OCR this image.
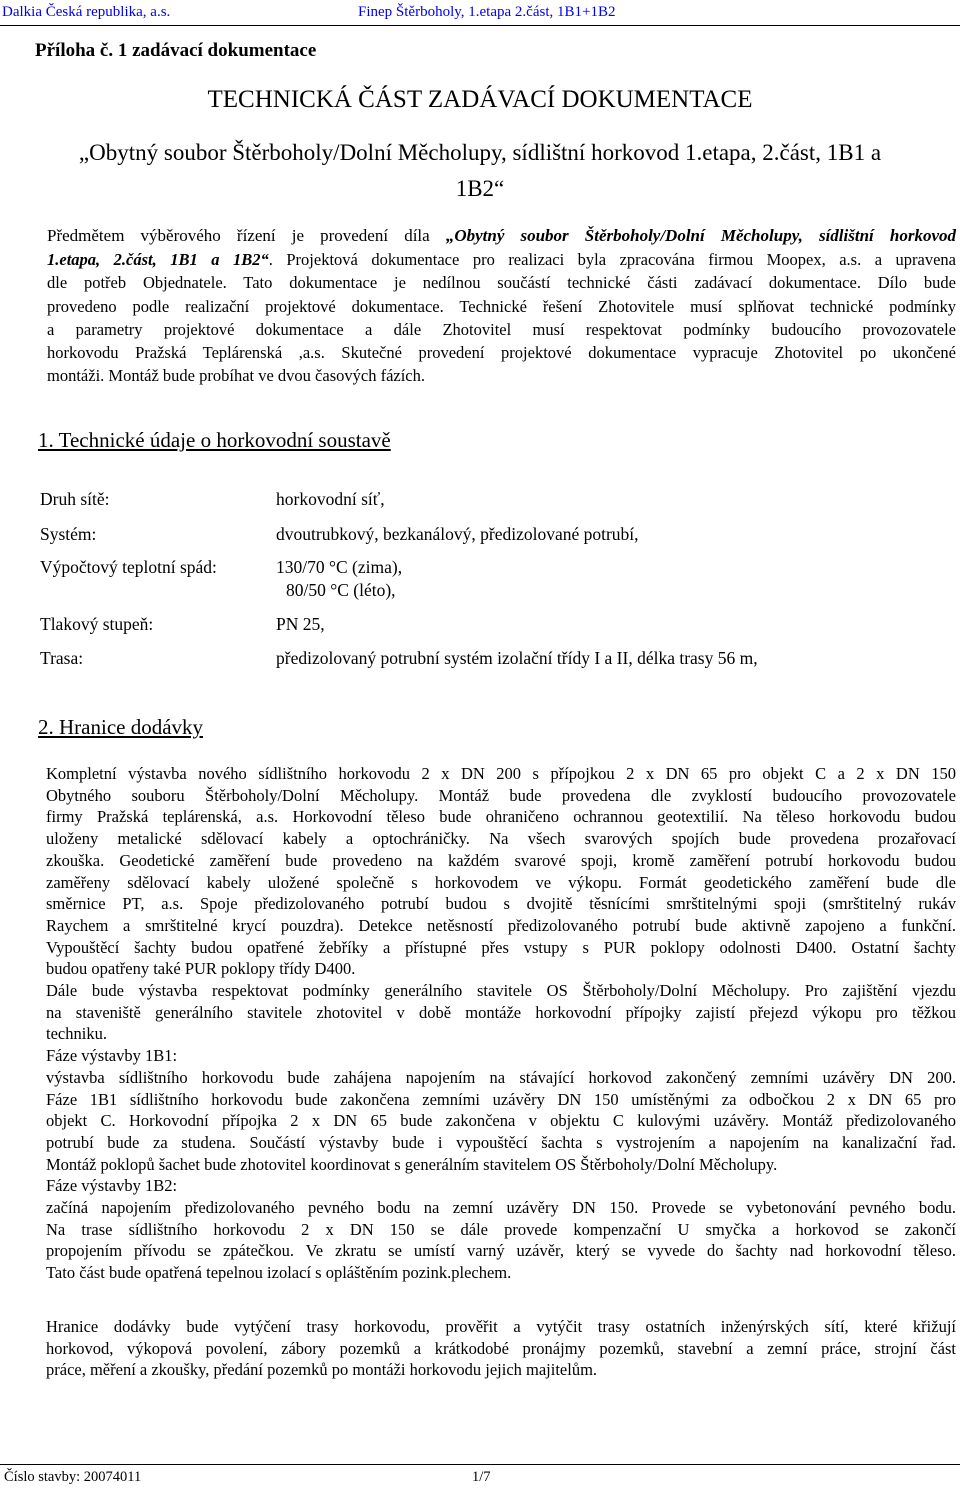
Dalkia Česká republika, a.s.	Finep Štěrboholy, 1.etapa 2.část, 1B1+1B2
Příloha č. 1 zadávací dokumentace
TECHNICKÁ ČÁST ZADÁVACÍ DOKUMENTACE
„Obytný soubor Štěrboholy/Dolní Měcholupy, sídlištní horkovod 1.etapa, 2.část, 1B1 a
1B2“
Předmětem výběrového řízení je provedení díla „Obytný soubor Štěrboholy/Dolní Měcholupy, sídlištní horkovod
1.etapa, 2.část, 1B1 a 1B2“. Projektová dokumentace pro realizaci byla zpracována firmou Moopex, a.s. a upravena
dle potřeb Objednatele. Tato dokumentace je nedílnou součástí technické části zadávací dokumentace. Dílo bude
provedeno podle realizační projektové dokumentace. Technické řešení Zhotovitele musí splňovat technické podmínky
a parametry projektové dokumentace a dále Zhotovitel musí respektovat podmínky budoucího provozovatele
horkovodu Pražská Teplárenská ,a.s. Skutečné provedení projektové dokumentace vypracuje Zhotovitel po ukončené
montáži. Montáž bude probíhat ve dvou časových fázích.
1. Technické údaje o horkovodní soustavě
Druh sítě:	horkovodní síť,
Systém:	dvoutrubkový, bezkanálový, předizolované potrubí,
Výpočtový teplotní spád:	130/70 °C (zima),
80/50 °C (léto),
Tlakový stupeň:	PN 25,
Trasa:	předizolovaný potrubní systém izolační třídy I a II, délka trasy 56 m,
2. Hranice dodávky
Kompletní výstavba nového sídlištního horkovodu 2 x DN 200 s přípojkou 2 x DN 65 pro objekt C a 2 x DN 150
Obytného souboru Štěrboholy/Dolní Měcholupy. Montáž bude provedena dle zvyklostí budoucího provozovatele
firmy Pražská teplárenská, a.s. Horkovodní těleso bude ohraničeno ochrannou geotextilií. Na těleso horkovodu budou
uloženy metalické sdělovací kabely a optochráničky. Na všech svarových spojích bude provedena prozařovací
zkouška. Geodetické zaměření bude provedeno na každém svarové spoji, kromě zaměření potrubí horkovodu budou
zaměřeny sdělovací kabely uložené společně s horkovodem ve výkopu. Formát geodetického zaměření bude dle
směrnice PT, a.s. Spoje předizolovaného potrubí budou s dvojitě těsnícími smrštitelnými spoji (smrštitelný rukáv
Raychem a smrštitelné krycí pouzdra). Detekce netěsností předizolovaného potrubí bude aktivně zapojeno a funkční.
Vypouštěcí šachty budou opatřené žebříky a přístupné přes vstupy s PUR poklopy odolnosti D400. Ostatní šachty
budou opatřeny také PUR poklopy třídy D400.
Dále bude výstavba respektovat podmínky generálního stavitele OS Štěrboholy/Dolní Měcholupy. Pro zajištění vjezdu
na staveniště generálního stavitele zhotovitel v době montáže horkovodní přípojky zajistí přejezd výkopu pro těžkou
techniku.
Fáze výstavby 1B1:
výstavba sídlištního horkovodu bude zahájena napojením na stávající horkovod zakončený zemními uzávěry DN 200.
Fáze 1B1 sídlištního horkovodu bude zakončena zemními uzávěry DN 150 umístěnými za odbočkou 2 x DN 65 pro
objekt C. Horkovodní přípojka 2 x DN 65 bude zakončena v objektu C kulovými uzávěry. Montáž předizolovaného
potrubí bude za studena. Součástí výstavby bude i vypouštěcí šachta s vystrojením a napojením na kanalizační řad.
Montáž poklopů šachet bude zhotovitel koordinovat s generálním stavitelem OS Štěrboholy/Dolní Měcholupy.
Fáze výstavby 1B2:
začíná napojením předizolovaného pevného bodu na zemní uzávěry DN 150. Provede se vybetonování pevného bodu.
Na trase sídlištního horkovodu 2 x DN 150 se dále provede kompenzační U smyčka a horkovod se zakončí
propojením přívodu se zpátečkou. Ve zkratu se umístí varný uzávěr, který se vyvede do šachty nad horkovodní těleso.
Tato část bude opatřená tepelnou izolací s opláštěním pozink.plechem.
Hranice dodávky bude vytýčení trasy horkovodu, prověřit a vytýčit trasy ostatních inženýrských sítí, které křižují
horkovod, výkopová povolení, zábory pozemků a krátkodobé pronájmy pozemků, stavební a zemní práce, strojní část
práce, měření a zkoušky, předání pozemků po montáži horkovodu jejich majitelům.
Číslo stavby: 20074011	1/7
